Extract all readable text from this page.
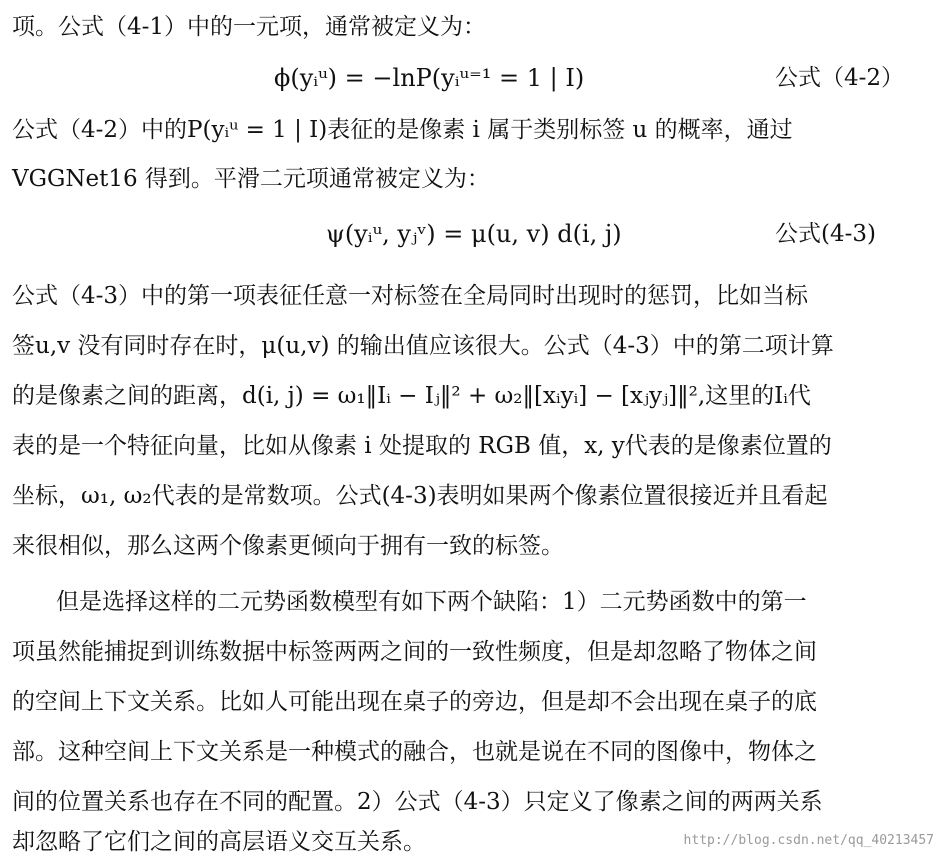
项。公式（4-1）中的一元项，通常被定义为：
ϕ(yᵢᵘ) = −lnP(yᵢᵘ⁼¹ = 1 | I)	公式（4-2）
公式（4-2）中的P(yᵢᵘ = 1 | I)表征的是像素 i 属于类别标签 u 的概率，通过
VGGNet16 得到。平滑二元项通常被定义为：
ψ(yᵢᵘ, yⱼᵛ) = μ(u, v) d(i, j)	公式(4-3)
公式（4-3）中的第一项表征任意一对标签在全局同时出现时的惩罚，比如当标
签u,v 没有同时存在时，μ(u,v) 的输出值应该很大。公式（4-3）中的第二项计算
的是像素之间的距离，d(i, j) = ω₁‖Iᵢ − Iⱼ‖² + ω₂‖[xᵢyᵢ] − [xⱼyⱼ]‖²,这里的Iᵢ代
表的是一个特征向量，比如从像素 i 处提取的 RGB 值，x, y代表的是像素位置的
坐标，ω₁, ω₂代表的是常数项。公式(4-3)表明如果两个像素位置很接近并且看起
来很相似，那么这两个像素更倾向于拥有一致的标签。
但是选择这样的二元势函数模型有如下两个缺陷：1）二元势函数中的第一
项虽然能捕捉到训练数据中标签两两之间的一致性频度，但是却忽略了物体之间
的空间上下文关系。比如人可能出现在桌子的旁边，但是却不会出现在桌子的底
部。这种空间上下文关系是一种模式的融合，也就是说在不同的图像中，物体之
间的位置关系也存在不同的配置。2）公式（4-3）只定义了像素之间的两两关系
却忽略了它们之间的高层语义交互关系。	http://blog.csdn.net/qq_40213457
